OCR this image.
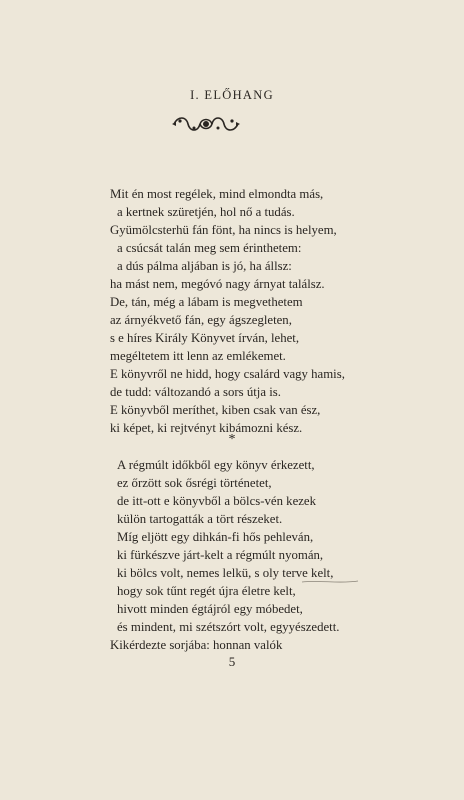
I. ELŐHANG
Mit én most regélek, mind elmondta más,
a kertnek szüretjén, hol nő a tudás.
Gyümölcsterhü fán fönt, ha nincs is helyem,
a csúcsát talán meg sem érinthetem:
a dús pálma aljában is jó, ha állsz:
ha mást nem, megóvó nagy árnyat találsz.
De, tán, még a lábam is megvethetem
az árnyékvető fán, egy ágszegleten,
s e híres Király Könyvet írván, lehet,
megéltetem itt lenn az emlékemet.
E könyvről ne hidd, hogy csalárd vagy hamis,
de tudd: változandó a sors útja is.
E könyvből meríthet, kiben csak van ész,
ki képet, ki rejtvényt kibámozni kész.
*
A régmúlt időkből egy könyv érkezett,
ez őrzött sok ősrégi történetet,
de itt-ott e könyvből a bölcs-vén kezek
külön tartogatták a tört részeket.
Míg eljött egy dihkán-fi hős pehleván,
ki fürkészve járt-kelt a régmúlt nyomán,
ki bölcs volt, nemes lelkü, s oly terve kelt,
hogy sok tűnt regét újra életre kelt,
hivott minden égtájról egy móbedet,
és mindent, mi szétszórt volt, egyyészedett.
Kikérdezte sorjába: honnan valók
5
